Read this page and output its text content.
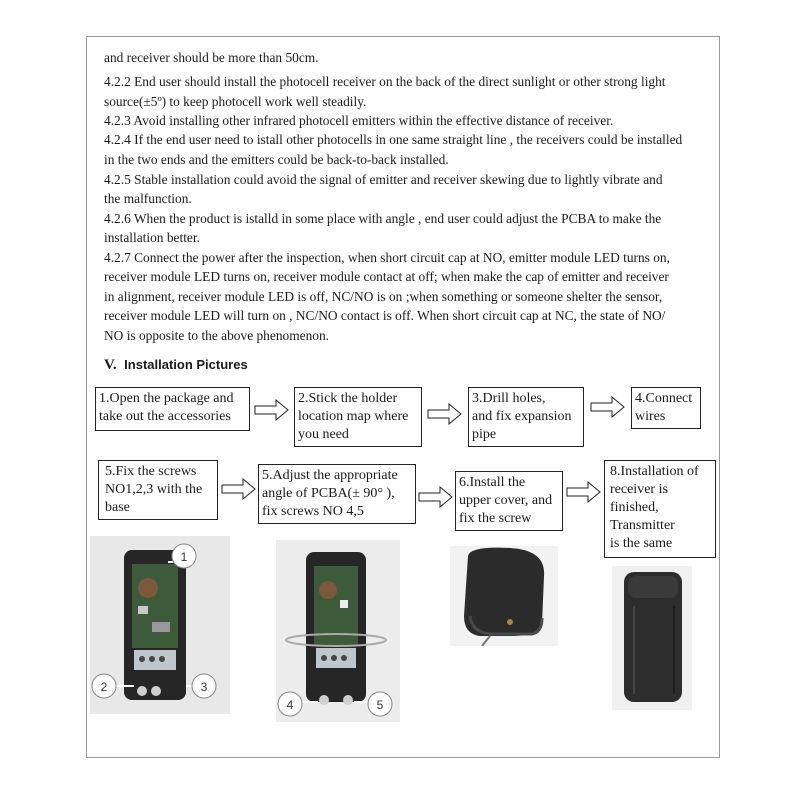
and receiver should be more than 50cm.

4.2.2 End user should install the photocell receiver on the back of the direct sunlight or other strong light

source(±5º) to keep photocell work well steadily.

4.2.3 Avoid installing other infrared photocell emitters within the effective distance of receiver.

4.2.4 If the end user need to istall other photocells in one same straight line , the receivers could be installed

in the two ends and the emitters could be back-to-back installed.

4.2.5 Stable installation could avoid the signal of emitter and receiver skewing due to lightly vibrate and

the malfunction.

4.2.6 When the product is istalld in some place with angle , end user could adjust the PCBA to make the

installation better.

4.2.7 Connect the power after the inspection, when short circuit cap at NO, emitter module LED turns on,

receiver module LED turns on, receiver module contact at off; when make the cap of emitter and receiver

in alignment, receiver module LED is off, NC/NO is on ;when something or someone shelter the sensor,

receiver module LED will turn on , NC/NO contact is off. When short circuit cap at NC, the state of NO/

NO is opposite to the above phenomenon.

V. Installation Pictures
1.Open the package and
take out the accessories
2.Stick the holder
location map where
you need
3.Drill holes,
and fix expansion
pipe
4.Connect
wires
5.Fix the screws
NO1,2,3 with the
base
5.Adjust the appropriate
angle of PCBA(± 90° ),
fix screws NO 4,5
6.Install the
upper cover, and
fix the screw
8.Installation of
receiver is
finished,
Transmitter
is the same
1
2	3
4	5
